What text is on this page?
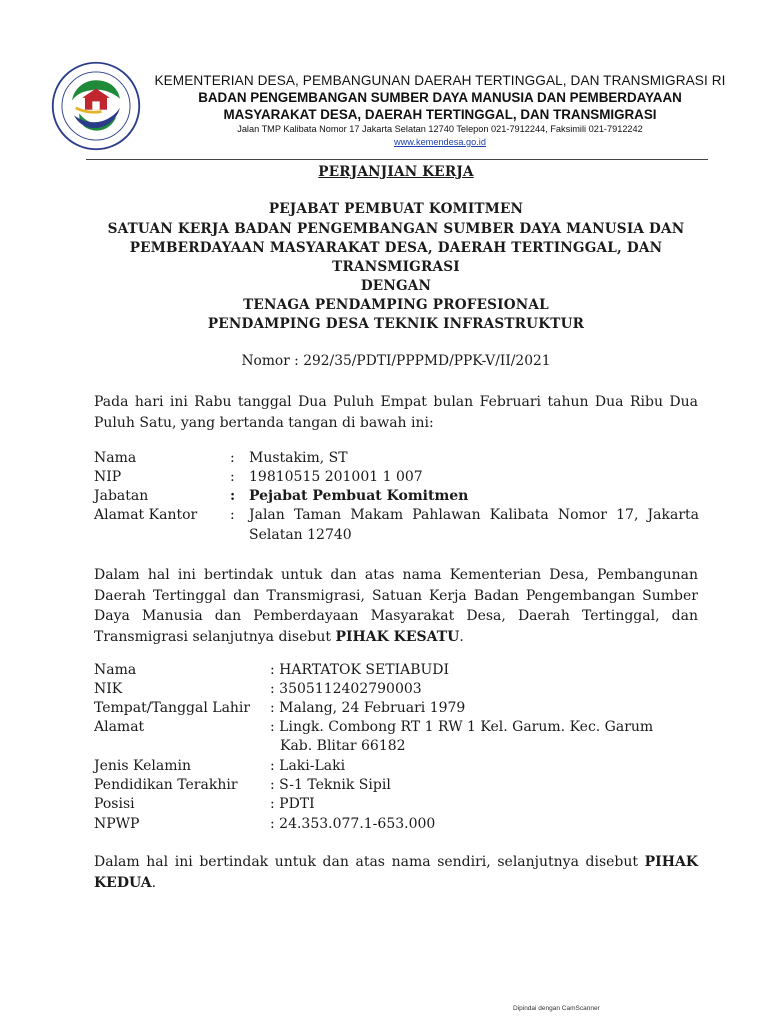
KEMENTERIAN DESA, PEMBANGUNAN DAERAH TERTINGGAL, DAN TRANSMIGRASI RI
BADAN PENGEMBANGAN SUMBER DAYA MANUSIA DAN PEMBERDAYAAN
MASYARAKAT DESA, DAERAH TERTINGGAL, DAN TRANSMIGRASI
Jalan TMP Kalibata Nomor 17 Jakarta Selatan 12740 Telepon 021-7912244, Faksimili 021-7912242
www.kemendesa.go.id
PERJANJIAN KERJA
PEJABAT PEMBUAT KOMITMEN
SATUAN KERJA BADAN PENGEMBANGAN SUMBER DAYA MANUSIA DAN
PEMBERDAYAAN MASYARAKAT DESA, DAERAH TERTINGGAL, DAN
TRANSMIGRASI
DENGAN
TENAGA PENDAMPING PROFESIONAL
PENDAMPING DESA TEKNIK INFRASTRUKTUR
Nomor : 292/35/PDTI/PPPMD/PPK-V/II/2021

Pada hari ini Rabu tanggal Dua Puluh Empat bulan Februari tahun Dua Ribu Dua Puluh Satu, yang bertanda tangan di bawah ini:

Nama	: Mustakim, ST
NIP	: 19810515 201001 1 007
Jabatan	: Pejabat Pembuat Komitmen
Alamat Kantor : Jalan Taman Makam Pahlawan Kalibata Nomor 17, Jakarta Selatan 12740

Dalam hal ini bertindak untuk dan atas nama Kementerian Desa, Pembangunan Daerah Tertinggal dan Transmigrasi, Satuan Kerja Badan Pengembangan Sumber Daya Manusia dan Pemberdayaan Masyarakat Desa, Daerah Tertinggal, dan Transmigrasi selanjutnya disebut PIHAK KESATU.

Nama	: HARTATOK SETIABUDI
NIK	: 3505112402790003
Tempat/Tanggal Lahir : Malang, 24 Februari 1979
Alamat	: Lingk. Combong RT 1 RW 1 Kel. Garum. Kec. Garum
Kab. Blitar 66182
Jenis Kelamin	: Laki-Laki
Pendidikan Terakhir : S-1 Teknik Sipil
Posisi	: PDTI
NPWP	: 24.353.077.1-653.000

Dalam hal ini bertindak untuk dan atas nama sendiri, selanjutnya disebut PIHAK KEDUA.

Dipindai dengan CamScanner
